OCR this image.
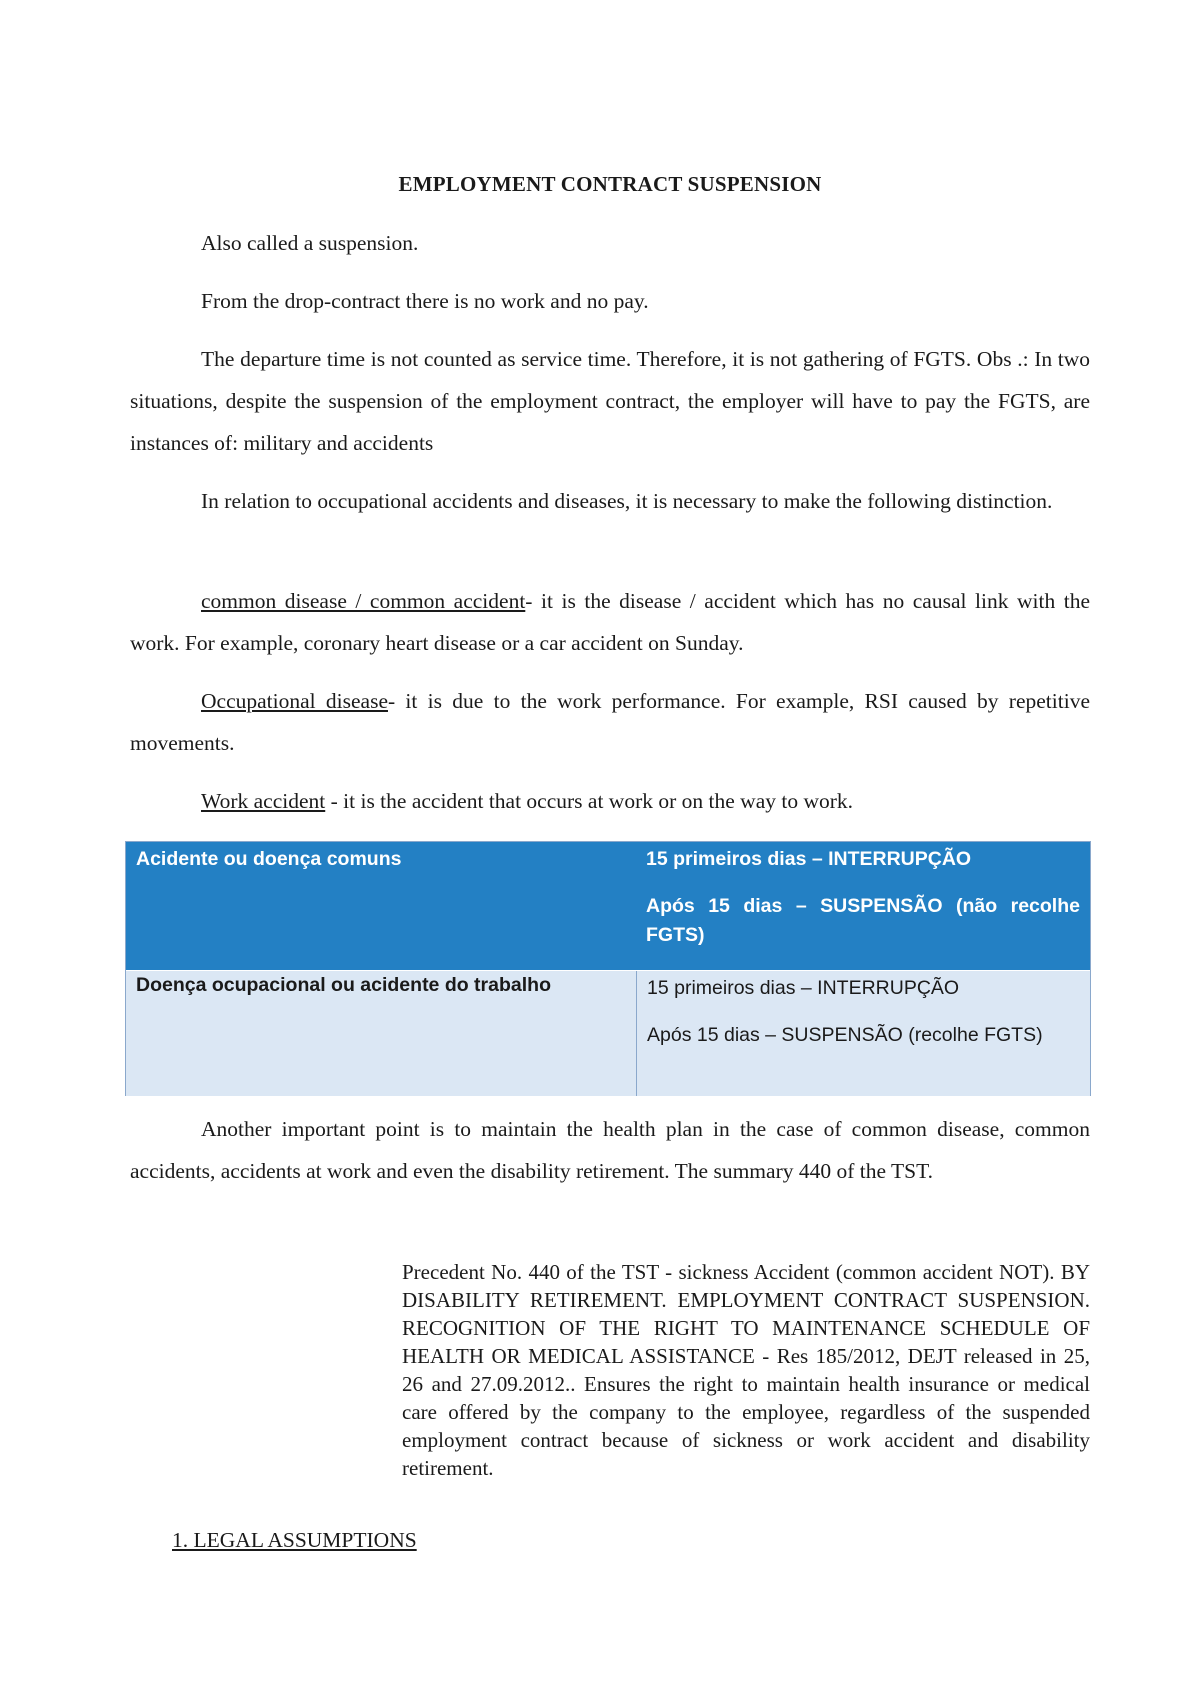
EMPLOYMENT CONTRACT SUSPENSION

Also called a suspension.

From the drop-contract there is no work and no pay.

The departure time is not counted as service time. Therefore, it is not gathering of FGTS. Obs .: In two situations, despite the suspension of the employment contract, the employer will have to pay the FGTS, are instances of: military and accidents

In relation to occupational accidents and diseases, it is necessary to make the following distinction.

common disease / common accident- it is the disease / accident which has no causal link with the work. For example, coronary heart disease or a car accident on Sunday.

Occupational disease- it is due to the work performance. For example, RSI caused by repetitive movements.

Work accident - it is the accident that occurs at work or on the way to work.

Acidente ou doença comuns	15 primeiros dias – INTERRUPÇÃO

Após 15 dias – SUSPENSÃO (não recolhe FGTS)

Doença ocupacional ou acidente do trabalho	15 primeiros dias – INTERRUPÇÃO

Após 15 dias – SUSPENSÃO (recolhe FGTS)

Another important point is to maintain the health plan in the case of common disease, common accidents, accidents at work and even the disability retirement. The summary 440 of the TST.

Precedent No. 440 of the TST - sickness Accident (common accident NOT). BY DISABILITY RETIREMENT. EMPLOYMENT CONTRACT SUSPENSION. RECOGNITION OF THE RIGHT TO MAINTENANCE SCHEDULE OF HEALTH OR MEDICAL ASSISTANCE - Res 185/2012, DEJT released in 25, 26 and 27.09.2012.. Ensures the right to maintain health insurance or medical care offered by the company to the employee, regardless of the suspended employment contract because of sickness or work accident and disability retirement.

1. LEGAL ASSUMPTIONS
